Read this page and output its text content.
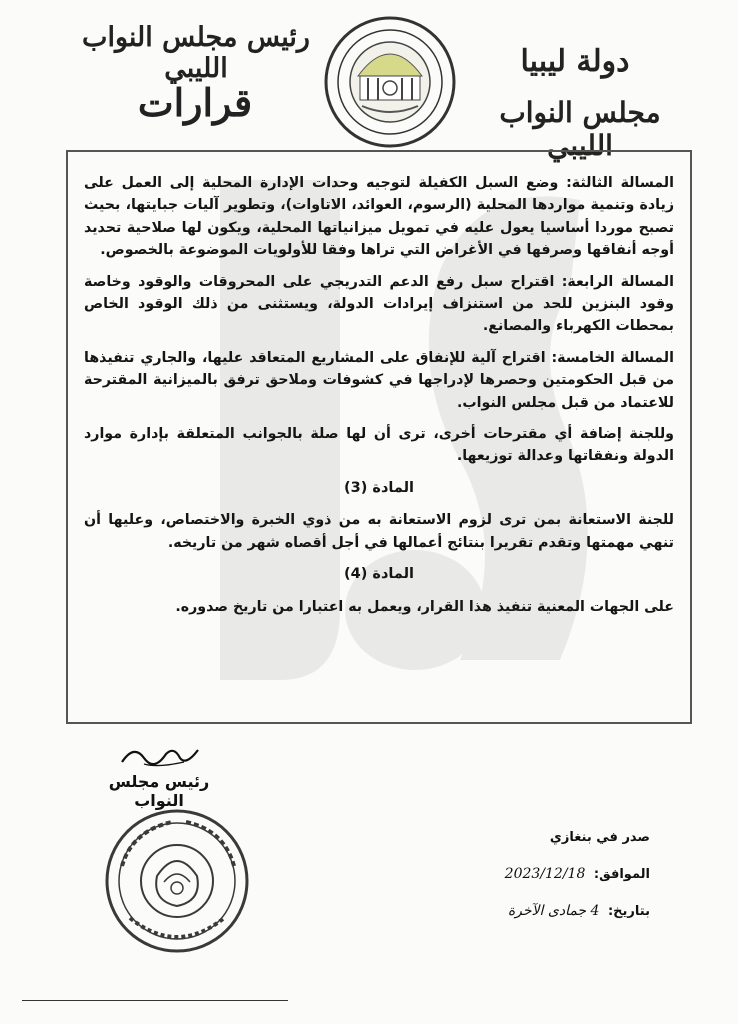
رئيس مجلس النواب الليبي
قرارات
دولة ليبيا
مجلس النواب الليبي

المسالة الثالثة: وضع السبل الكفيلة لتوجيه وحدات الإدارة المحلية إلى العمل على زيادة وتنمية مواردها المحلية (الرسوم، العوائد، الاتاوات)، وتطوير آليات جبايتها، بحيث تصبح موردا أساسيا يعول عليه في تمويل ميزانياتها المحلية، ويكون لها صلاحية تحديد أوجه أنفاقها وصرفها في الأغراض التي تراها وفقا للأولويات الموضوعة بالخصوص.

المسالة الرابعة: اقتراح سبل رفع الدعم التدريجي على المحروقات والوقود وخاصة وقود البنزين للحد من استنزاف إيرادات الدولة، ويستثنى من ذلك الوقود الخاص بمحطات الكهرباء والمصانع.

المسالة الخامسة: اقتراح آلية للإنفاق على المشاريع المتعاقد عليها، والجاري تنفيذها من قبل الحكومتين وحصرها لإدراجها في كشوفات وملاحق ترفق بالميزانية المقترحة للاعتماد من قبل مجلس النواب.

وللجنة إضافة أي مقترحات أخرى، ترى أن لها صلة بالجوانب المتعلقة بإدارة موارد الدولة ونفقاتها وعدالة توزيعها.

المادة (3)

للجنة الاستعانة بمن ترى لزوم الاستعانة به من ذوي الخبرة والاختصاص، وعليها أن تنهي مهمتها وتقدم تقريرا بنتائج أعمالها في أجل أقصاه شهر من تاريخه.

المادة (4)

على الجهات المعنية تنفيذ هذا القرار، ويعمل به اعتبارا من تاريخ صدوره.

رئيس مجلس النواب
صدر في بنغازي
الموافق: 2023/12/18
بتاريخ: 4 جمادى الآخرة
